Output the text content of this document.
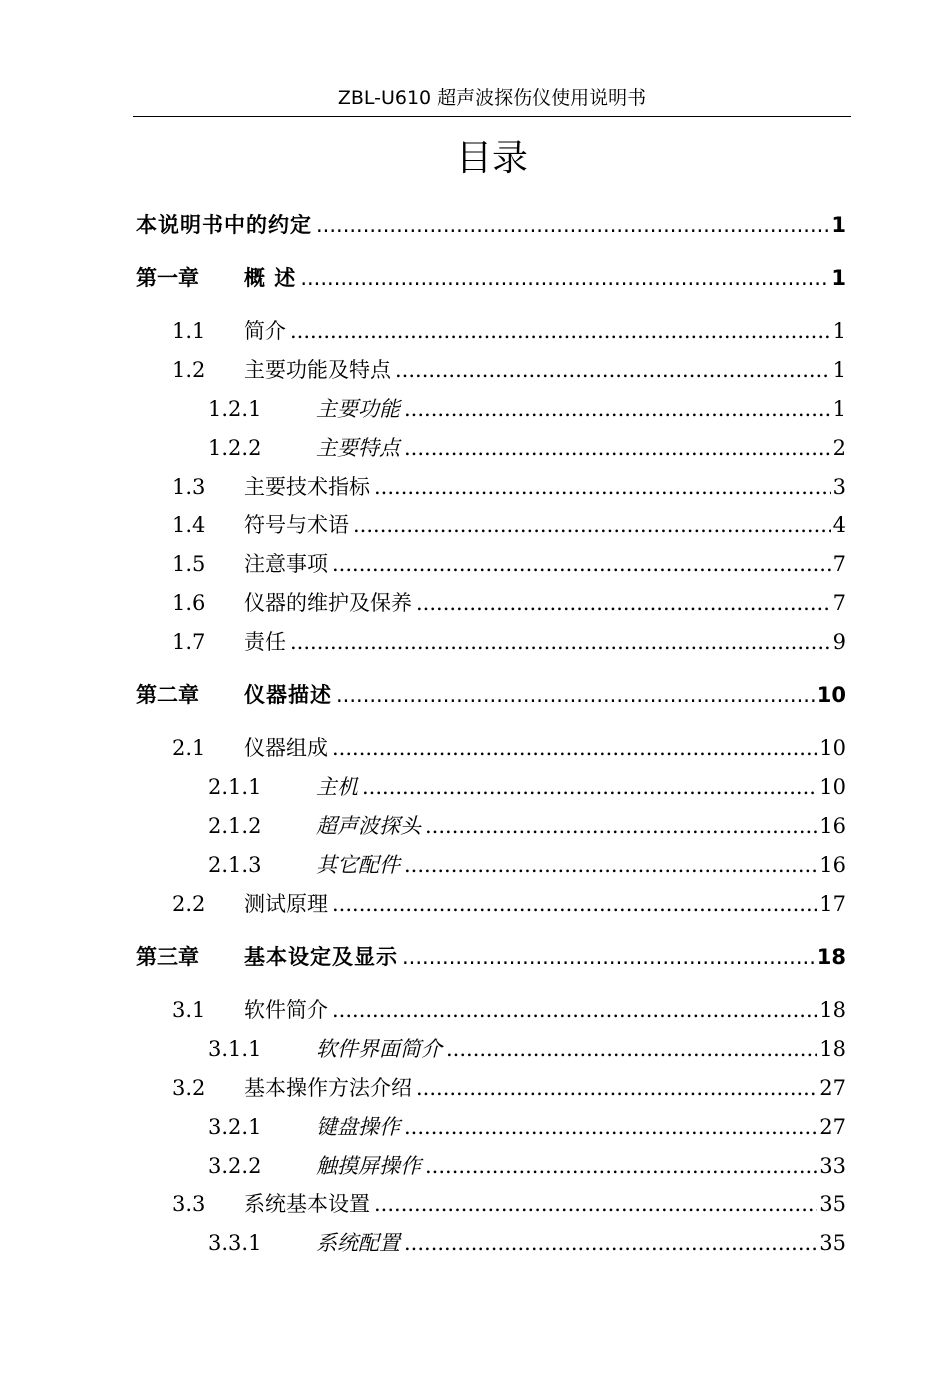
ZBL-U610 超声波探伤仪使用说明书
目录
本说明书中的约定 .....	1
第一章	概 述 .....	1
1.1	简介 .....	1
1.2	主要功能及特点 .....	1
1.2.1	主要功能 .....	1
1.2.2	主要特点 .....	2
1.3	主要技术指标 .....	3
1.4	符号与术语 .....	4
1.5	注意事项 .....	7
1.6	仪器的维护及保养 .....	7
1.7	责任 .....	9
第二章	仪器描述 .....	10
2.1	仪器组成 .....	10
2.1.1	主机 .....	10
2.1.2	超声波探头 .....	16
2.1.3	其它配件 .....	16
2.2	测试原理 .....	17
第三章	基本设定及显示 .....	18
3.1	软件简介 .....	18
3.1.1	软件界面简介 .....	18
3.2	基本操作方法介绍 .....	27
3.2.1	键盘操作 .....	27
3.2.2	触摸屏操作 .....	33
3.3	系统基本设置 .....	35
3.3.1	系统配置 .....	35
